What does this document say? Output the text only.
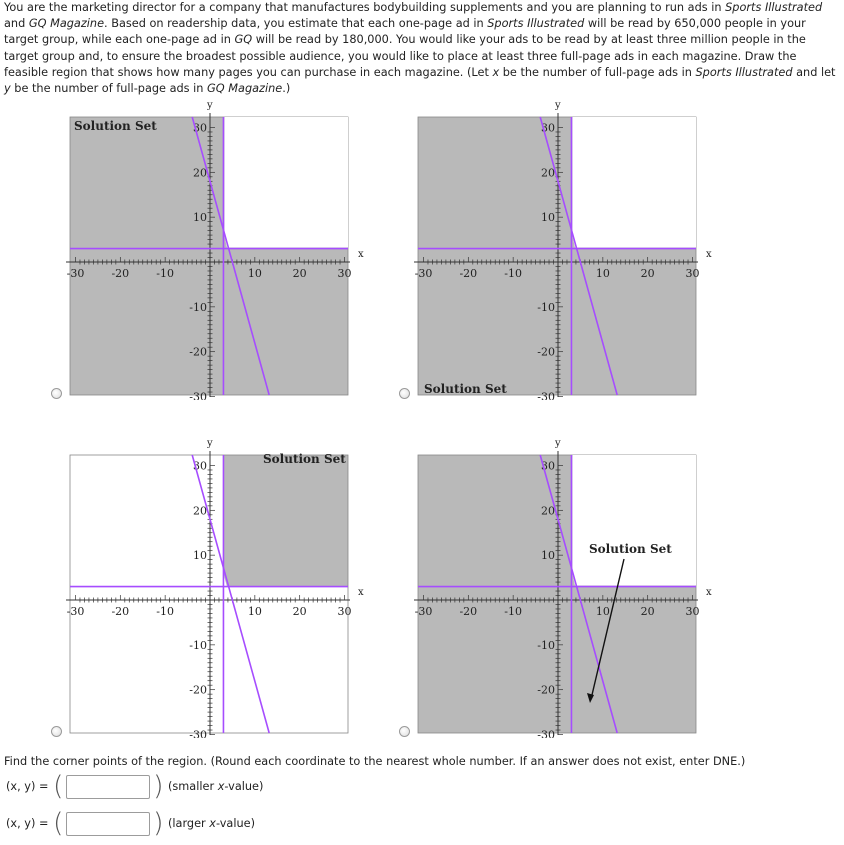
You are the marketing director for a company that manufactures bodybuilding supplements and you are planning to run ads in Sports Illustrated and GQ Magazine. Based on readership data, you estimate that each one-page ad in Sports Illustrated will be read by 650,000 people in your target group, while each one-page ad in GQ will be read by 180,000. You would like your ads to be read by at least three million people in the target group and, to ensure the broadest possible audience, you would like to place at least three full-page ads in each magazine. Draw the feasible region that shows how many pages you can purchase in each magazine. (Let x be the number of full-page ads in Sports Illustrated and let y be the number of full-page ads in GQ Magazine.)
-30 -20 -10	10	20	30
30
20
10
-10
-20
-30
x
y
Solution Set
-30 -20 -10	10	20	30
30
20
10
-10
-20
-30
x
y
Solution Set
-30 -20 -10	10	20	30
30
20
10
-10
-20
-30
x
y
Solution Set
-30 -20 -10	10	20	30
30
20
10
-10
-20
-30
x
y
Solution Set
Find the corner points of the region. (Round each coordinate to the nearest whole number. If an answer does not exist, enter DNE.)
(x, y) = (	) (smaller x-value)
(x, y) = (	) (larger x-value)
